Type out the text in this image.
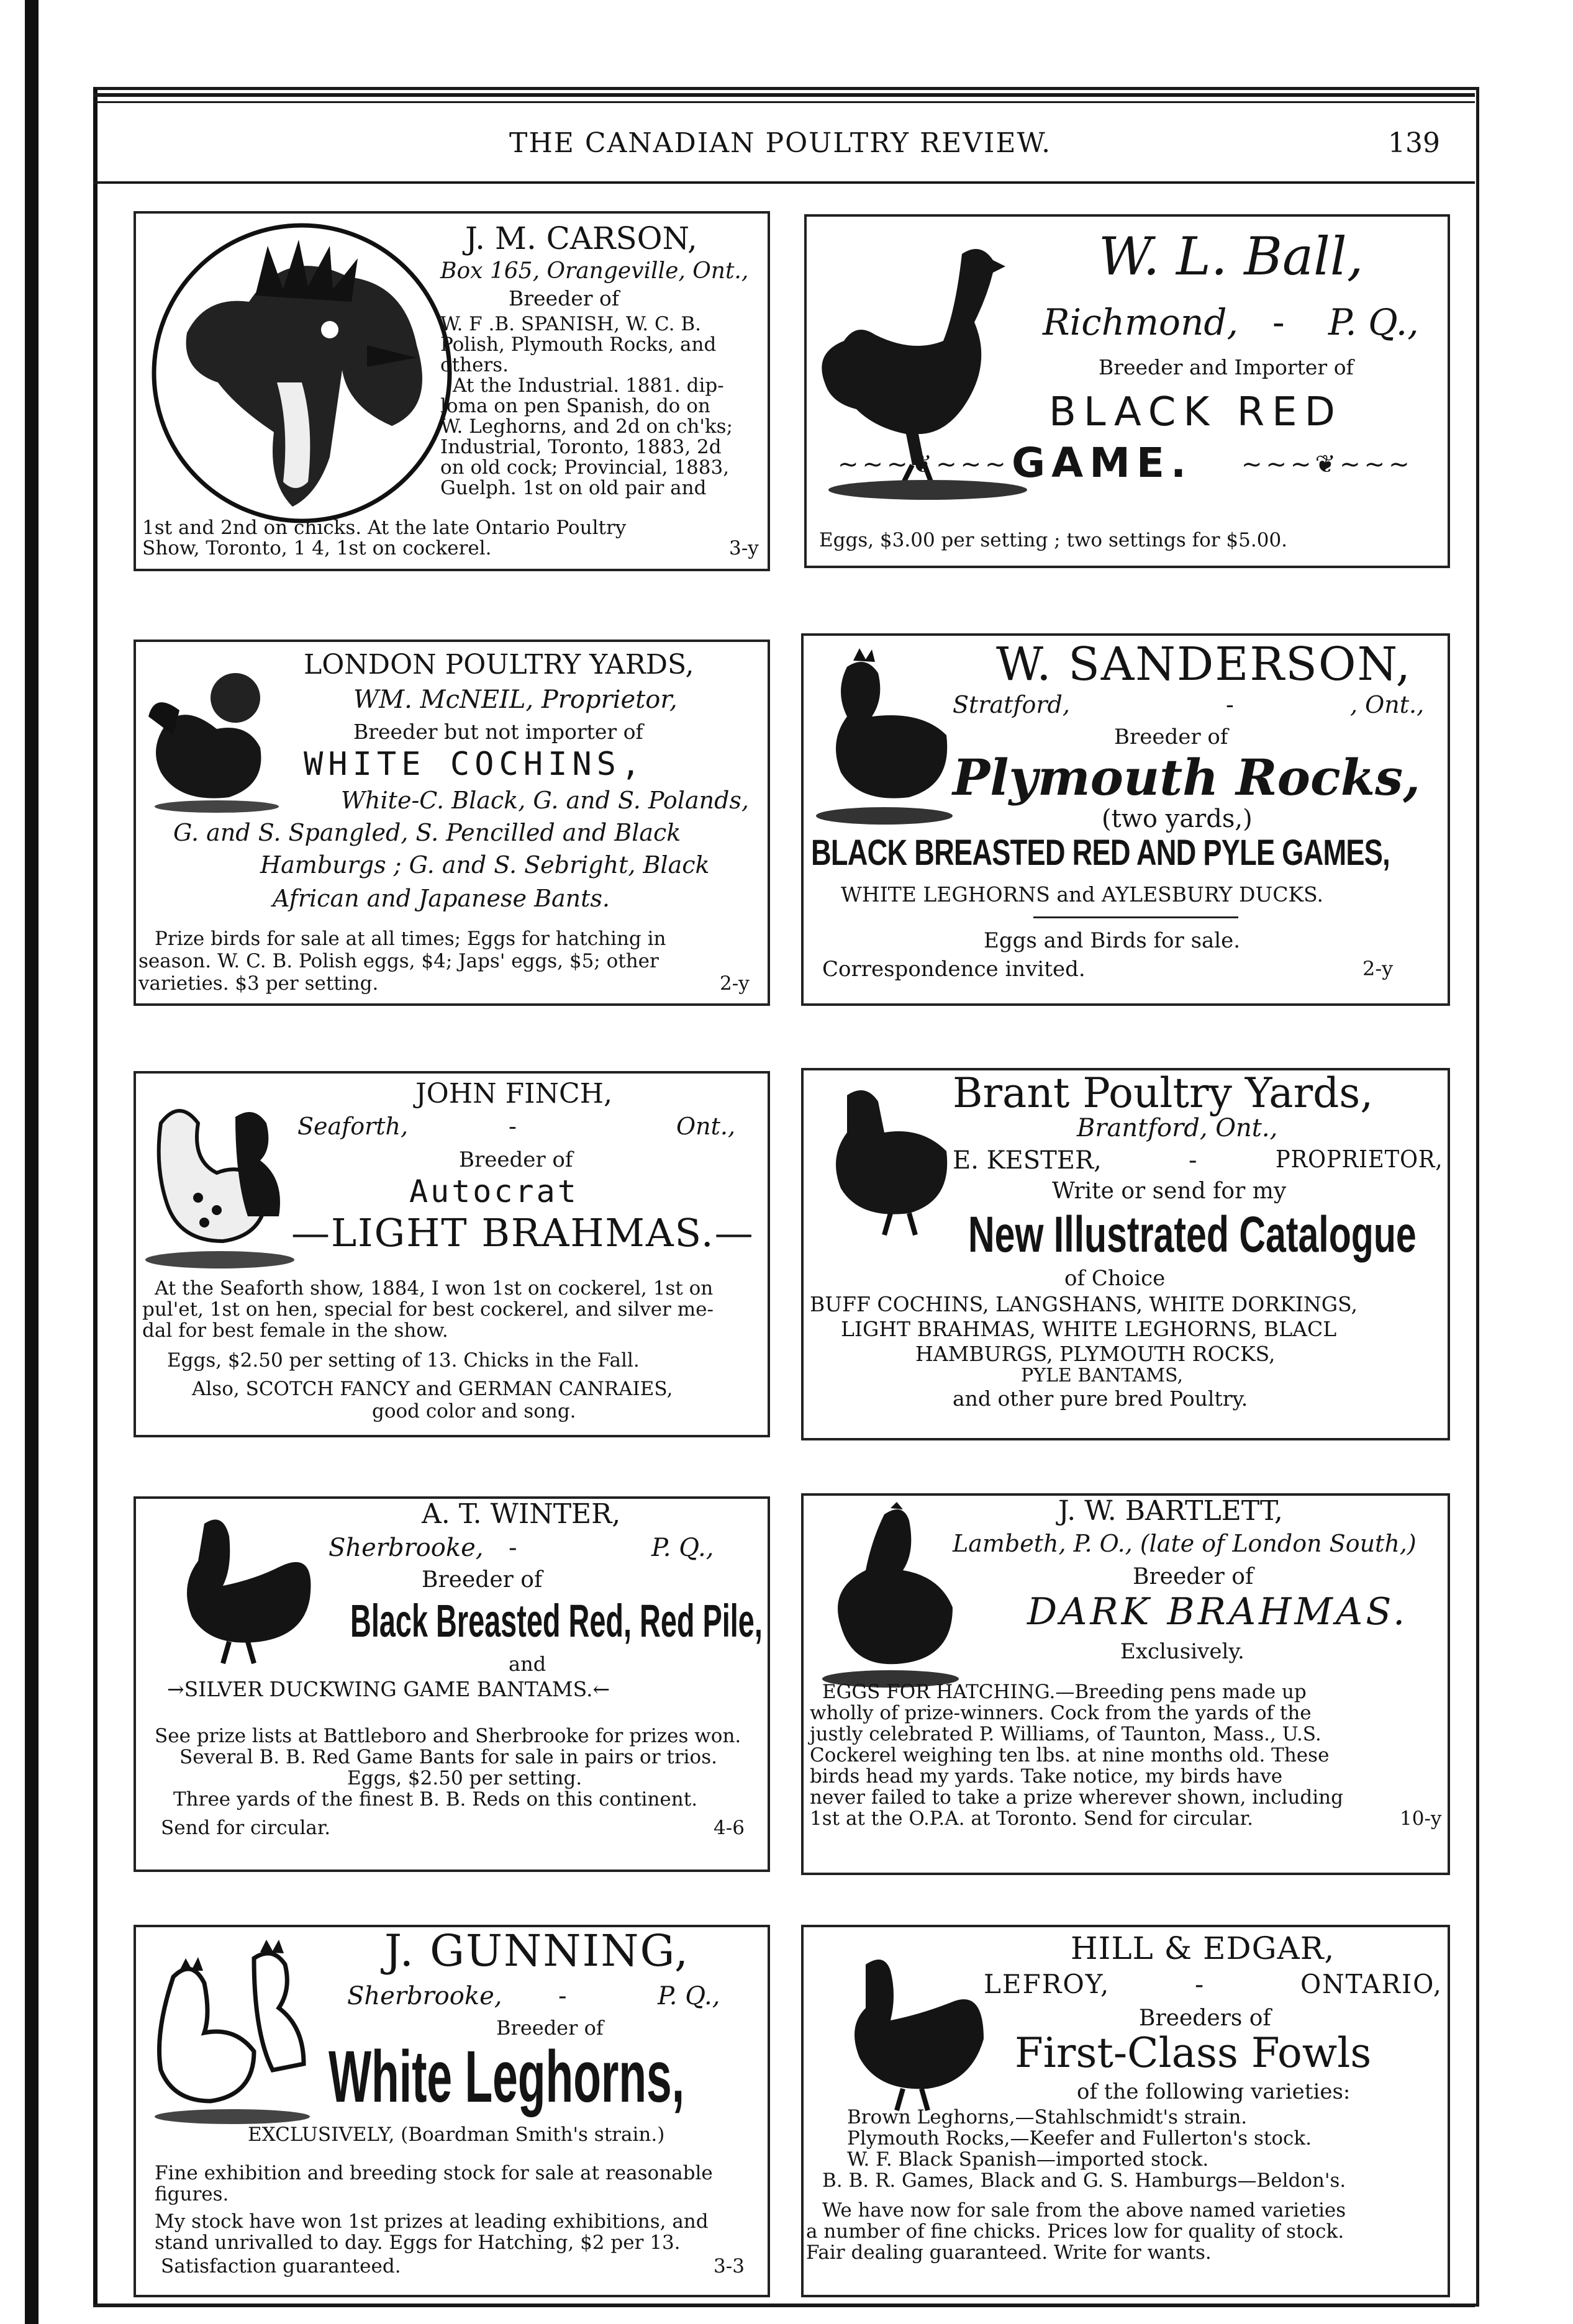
THE CANADIAN POULTRY REVIEW.	139
J. M. CARSON,
Box 165, Orangeville, Ont.,
Breeder of
W. F .B. SPANISH, W. C. B.
Polish, Plymouth Rocks, and
others.
At the Industrial. 1881. dip-
loma on pen Spanish, do on
W. Leghorns, and 2d on ch'ks;
Industrial, Toronto, 1883, 2d
on old cock; Provincial, 1883,
Guelph. 1st on old pair and
1st and 2nd on chicks. At the late Ontario Poultry
Show, Toronto, 1 4, 1st on cockerel.	3-y
W. L. Ball,
Richmond, - P. Q.,
Breeder and Importer of
BLACK RED
~~~❦~~~ GAME. ~~~❦~~~
Eggs, $3.00 per setting ; two settings for $5.00.
LONDON POULTRY YARDS,
WM. McNEIL, Proprietor,
Breeder but not importer of
WHITE COCHINS,
White-C. Black, G. and S. Polands,
G. and S. Spangled, S. Pencilled and Black
Hamburgs ; G. and S. Sebright, Black
African and Japanese Bants.
Prize birds for sale at all times; Eggs for hatching in
season. W. C. B. Polish eggs, $4; Japs' eggs, $5; other
varieties. $3 per setting.	2-y
W. SANDERSON,
Stratford,	-	, Ont.,
Breeder of
Plymouth Rocks,
(two yards,)
BLACK BREASTED RED AND PYLE GAMES,
WHITE LEGHORNS and AYLESBURY DUCKS.
Eggs and Birds for sale.
Correspondence invited.	2-y
JOHN FINCH,
Seaforth,	-	Ont.,
Breeder of
Autocrat
—LIGHT BRAHMAS.—
At the Seaforth show, 1884, I won 1st on cockerel, 1st on
pul'et, 1st on hen, special for best cockerel, and silver me-
dal for best female in the show.
Eggs, $2.50 per setting of 13. Chicks in the Fall.
Also, SCOTCH FANCY and GERMAN CANRAIES,
good color and song.
Brant Poultry Yards,
Brantford, Ont.,
E. KESTER,	-	PROPRIETOR,
Write or send for my
New Illustrated Catalogue
of Choice
BUFF COCHINS, LANGSHANS, WHITE DORKINGS,
LIGHT BRAHMAS, WHITE LEGHORNS, BLACL
HAMBURGS, PLYMOUTH ROCKS,
PYLE BANTAMS,
and other pure bred Poultry.
A. T. WINTER,
Sherbrooke, -	P. Q.,
Breeder of
Black Breasted Red, Red Pile,
and
→SILVER DUCKWING GAME BANTAMS.←
See prize lists at Battleboro and Sherbrooke for prizes won.
Several B. B. Red Game Bants for sale in pairs or trios.
Eggs, $2.50 per setting.
Three yards of the finest B. B. Reds on this continent.
Send for circular.	4-6
J. W. BARTLETT,
Lambeth, P. O., (late of London South,)
Breeder of
DARK BRAHMAS.
Exclusively.
EGGS FOR HATCHING.—Breeding pens made up
wholly of prize-winners. Cock from the yards of the
justly celebrated P. Williams, of Taunton, Mass., U.S.
Cockerel weighing ten lbs. at nine months old. These
birds head my yards. Take notice, my birds have
never failed to take a prize wherever shown, including
1st at the O.P.A. at Toronto. Send for circular.	10-y
J. GUNNING,
Sherbrooke, -	P. Q.,
Breeder of
White Leghorns,
EXCLUSIVELY, (Boardman Smith's strain.)
Fine exhibition and breeding stock for sale at reasonable
figures.
My stock have won 1st prizes at leading exhibitions, and
stand unrivalled to day. Eggs for Hatching, $2 per 13.
Satisfaction guaranteed.	3-3
HILL & EDGAR,
LEFROY,	-	ONTARIO,
Breeders of
First-Class Fowls
of the following varieties:
Brown Leghorns,—Stahlschmidt's strain.
Plymouth Rocks,—Keefer and Fullerton's stock.
W. F. Black Spanish—imported stock.
B. B. R. Games, Black and G. S. Hamburgs—Beldon's.
We have now for sale from the above named varieties
a number of fine chicks. Prices low for quality of stock.
Fair dealing guaranteed. Write for wants.
